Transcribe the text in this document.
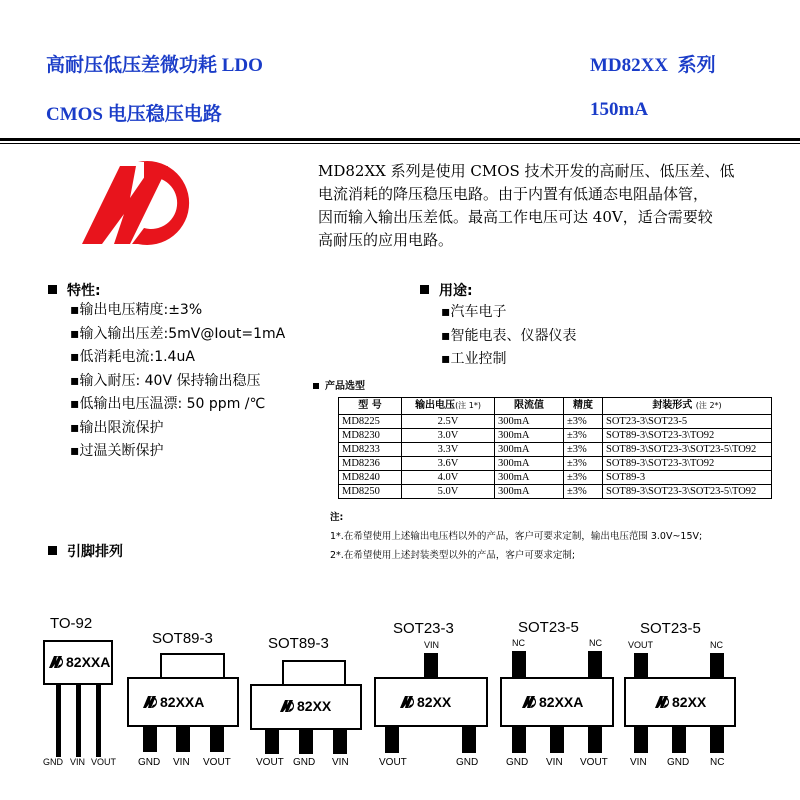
高耐压低压差微功耗 LDO	MD82XX  系列
CMOS 电压稳压电路	150mA
MD82XX 系列是使用 CMOS 技术开发的高耐压、低压差、低
电流消耗的降压稳压电路。由于内置有低通态电阻晶体管，
因而输入输出压差低。最高工作电压可达 40V，适合需要较
高耐压的应用电路。
特性:
▪输出电压精度:±3%
▪输入输出压差:5mV@Iout=1mA
▪低消耗电流:1.4uA
▪输入耐压: 40V 保持输出稳压
▪低输出电压温漂: 50 ppm /℃
▪输出限流保护
▪过温关断保护
用途:
▪汽车电子
▪智能电表、仪器仪表
▪工业控制
产品选型
型 号	输出电压(注 1*)	限流值	精度	封装形式 (注 2*)
MD8225	2.5V	300mA	±3%	SOT23-3\SOT23-5
MD8230	3.0V	300mA	±3%	SOT89-3\SOT23-3\TO92
MD8233	3.3V	300mA	±3%	SOT89-3\SOT23-3\SOT23-5\TO92
MD8236	3.6V	300mA	±3%	SOT89-3\SOT23-3\TO92
MD8240	4.0V	300mA	±3%	SOT89-3
MD8250	5.0V	300mA	±3%	SOT89-3\SOT23-3\SOT23-5\TO92
注:
1*.在希望使用上述输出电压档以外的产品，客户可要求定制，输出电压范围 3.0V~15V;
2*.在希望使用上述封装类型以外的产品，客户可要求定制;
引脚排列
TO-92
82XXA
GND VIN VOUT
SOT89-3
82XXA
GND VIN VOUT
SOT89-3
82XX
VOUT GND VIN
SOT23-3
VIN
82XX
VOUT	GND
SOT23-5
NC	NC
82XXA
GND VIN VOUT
SOT23-5
VOUT	NC
82XX
VIN GND NC
